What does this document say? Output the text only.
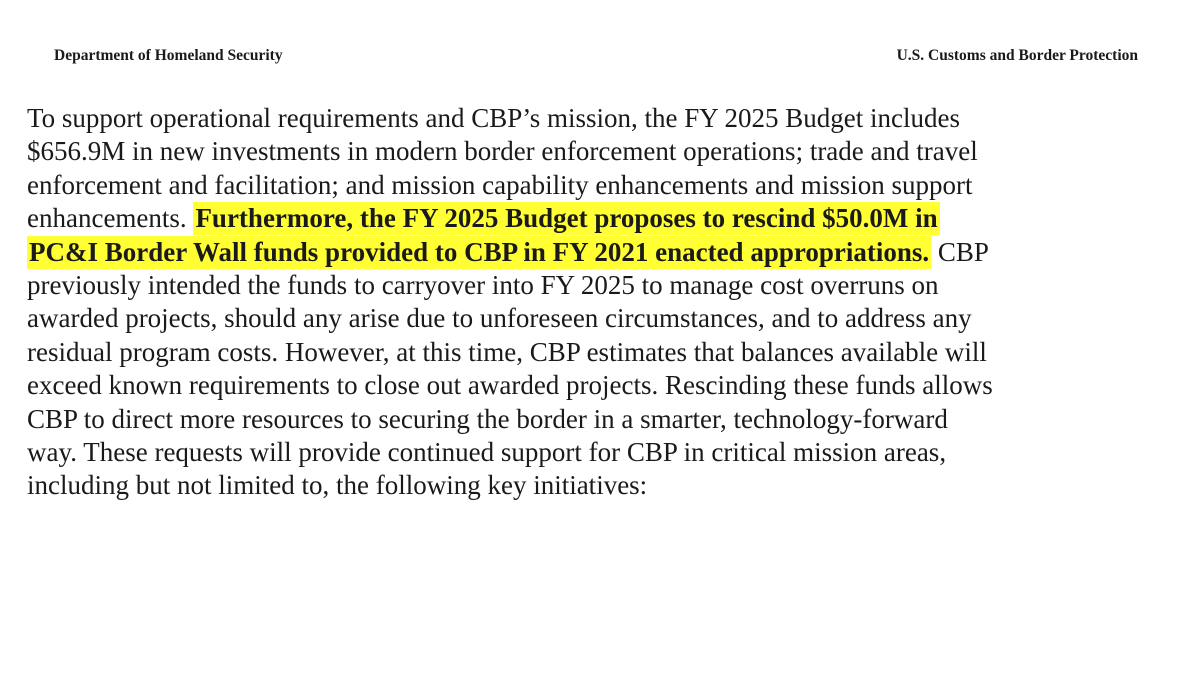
Department of Homeland Security	U.S. Customs and Border Protection

To support operational requirements and CBP’s mission, the FY 2025 Budget includes
$656.9M in new investments in modern border enforcement operations; trade and travel
enforcement and facilitation; and mission capability enhancements and mission support
enhancements. Furthermore, the FY 2025 Budget proposes to rescind $50.0M in
PC&I Border Wall funds provided to CBP in FY 2021 enacted appropriations. CBP
previously intended the funds to carryover into FY 2025 to manage cost overruns on
awarded projects, should any arise due to unforeseen circumstances, and to address any
residual program costs. However, at this time, CBP estimates that balances available will
exceed known requirements to close out awarded projects. Rescinding these funds allows
CBP to direct more resources to securing the border in a smarter, technology-forward
way. These requests will provide continued support for CBP in critical mission areas,
including but not limited to, the following key initiatives:
